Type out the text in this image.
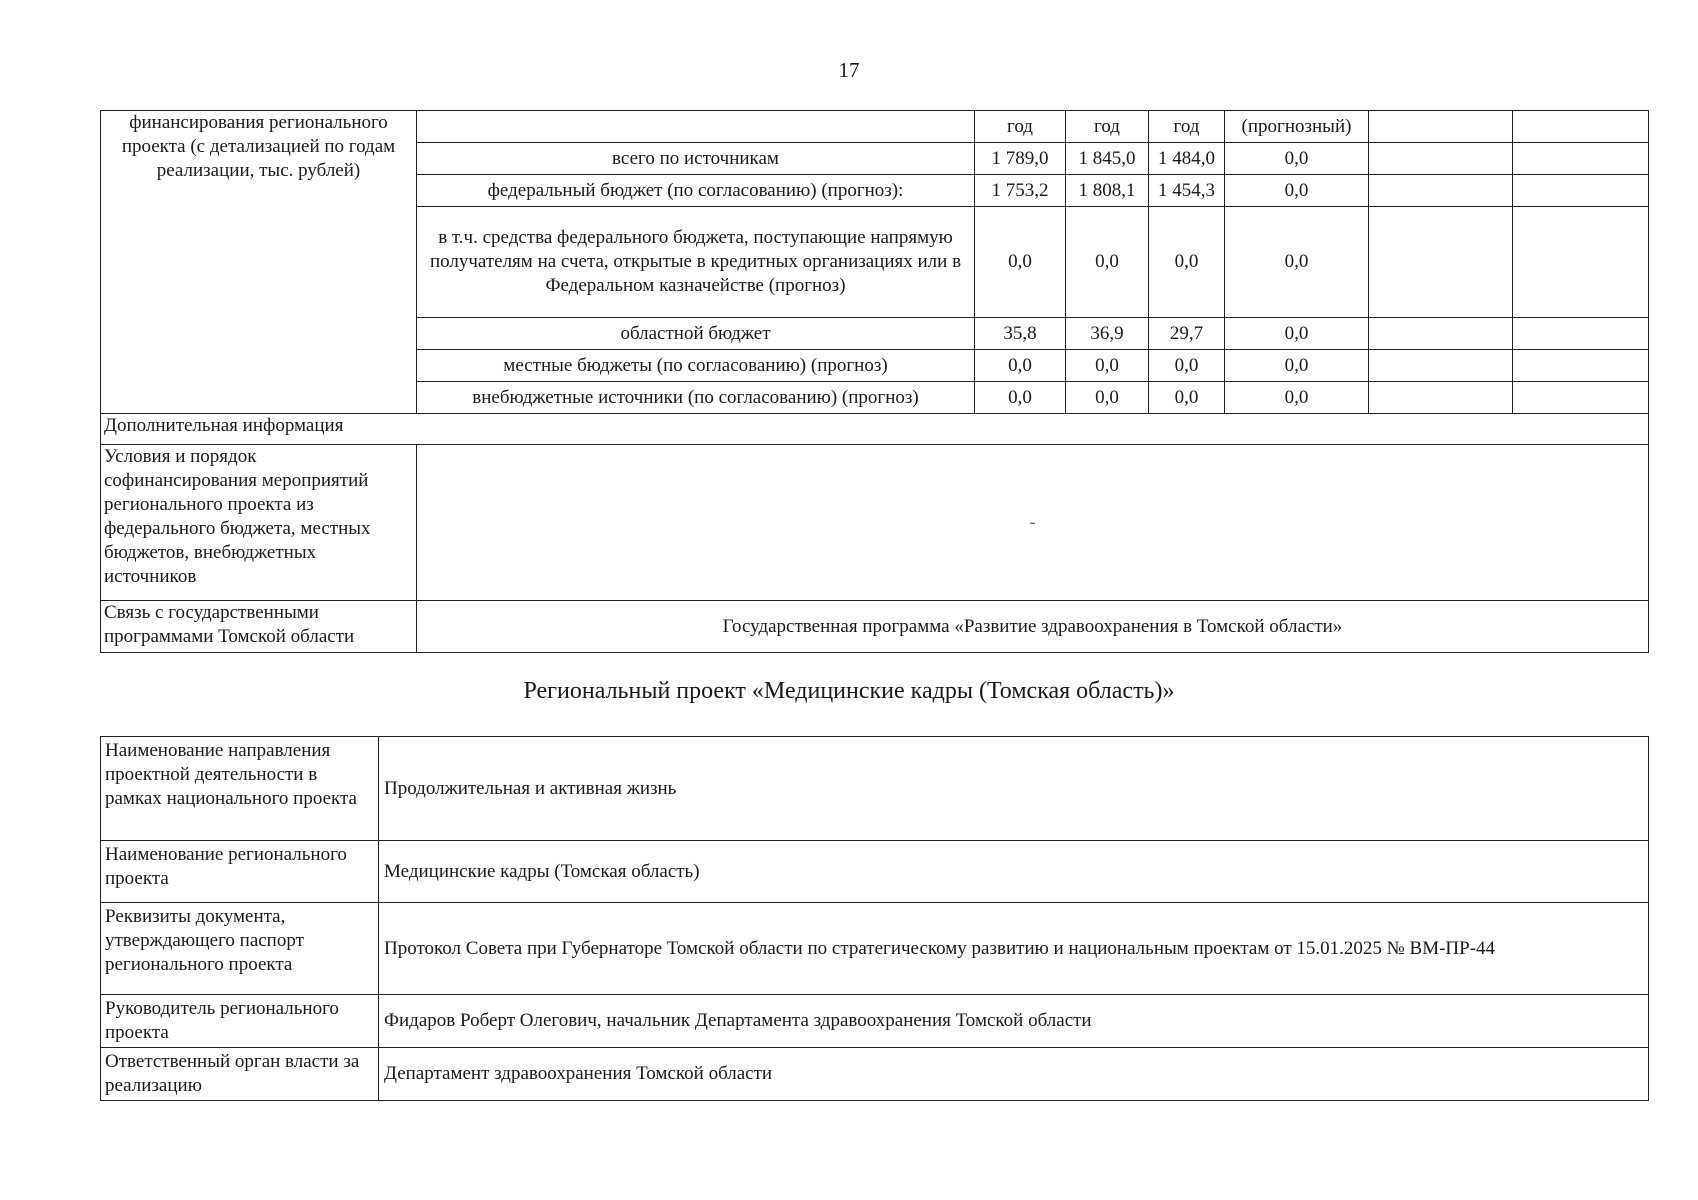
17
финансирования регионального проекта (с детализацией по годам реализации, тыс. рублей)		год	год	год	(прогнозный)		
	всего по источникам	1 789,0	1 845,0	1 484,0	0,0		
	федеральный бюджет (по согласованию) (прогноз):	1 753,2	1 808,1	1 454,3	0,0		
	в т.ч. средства федерального бюджета, поступающие напрямую получателям на счета, открытые в кредитных организациях или в Федеральном казначействе (прогноз)	0,0	0,0	0,0	0,0		
	областной бюджет	35,8	36,9	29,7	0,0		
	местные бюджеты (по согласованию) (прогноз)	0,0	0,0	0,0	0,0		
	внебюджетные источники (по согласованию) (прогноз)	0,0	0,0	0,0	0,0		
Дополнительная информация							
Условия и порядок софинансирования мероприятий регионального проекта из федерального бюджета, местных бюджетов, внебюджетных источников	-						
Связь с государственными программами Томской области	Государственная программа «Развитие здравоохранения в Томской области»						
Региональный проект «Медицинские кадры (Томская область)»
Наименование направления проектной деятельности в рамках национального проекта	Продолжительная и активная жизнь
Наименование регионального проекта	Медицинские кадры (Томская область)
Реквизиты документа, утверждающего паспорт регионального проекта	Протокол Совета при Губернаторе Томской области по стратегическому развитию и национальным проектам от 15.01.2025 № ВМ-ПР-44
Руководитель регионального проекта	Фидаров Роберт Олегович, начальник Департамента здравоохранения Томской области
Ответственный орган власти за реализацию	Департамент здравоохранения Томской области
